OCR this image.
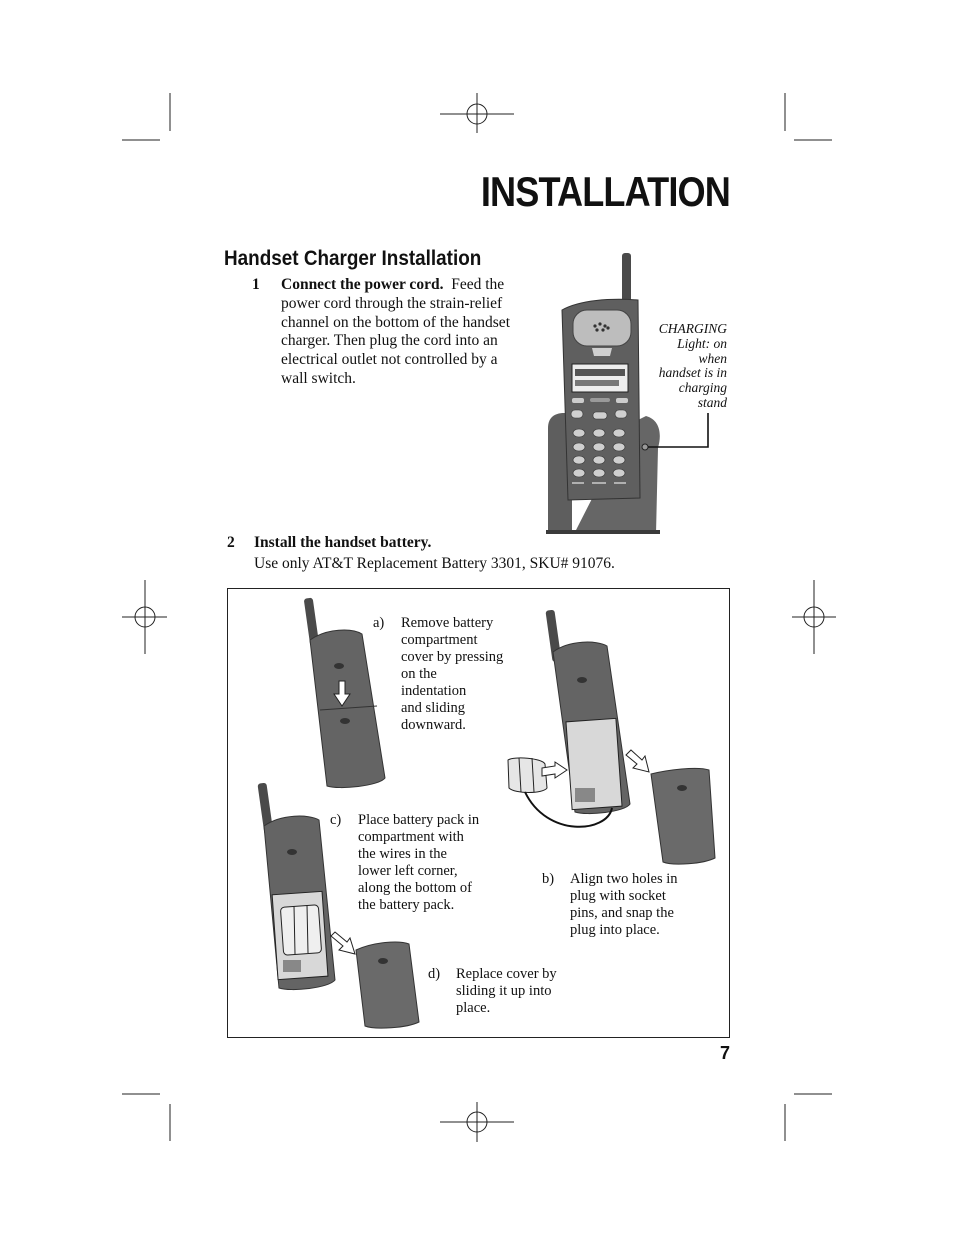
INSTALLATION
Handset Charger Installation
1 Connect the power cord. Feed the
power cord through the strain-relief
channel on the bottom of the handset
charger. Then plug the cord into an
electrical outlet not controlled by a
wall switch.
CHARGING
Light: on
when
handset is in
charging
stand
2 Install the handset battery.
Use only AT&T Replacement Battery 3301, SKU# 91076.
a) Remove battery
compartment
cover by pressing
on the
indentation
and sliding
downward.
b) Align two holes in
plug with socket
pins, and snap the
plug into place.
c) Place battery pack in
compartment with
the wires in the
lower left corner,
along the bottom of
the battery pack.
d) Replace cover by
sliding it up into
place.
7
